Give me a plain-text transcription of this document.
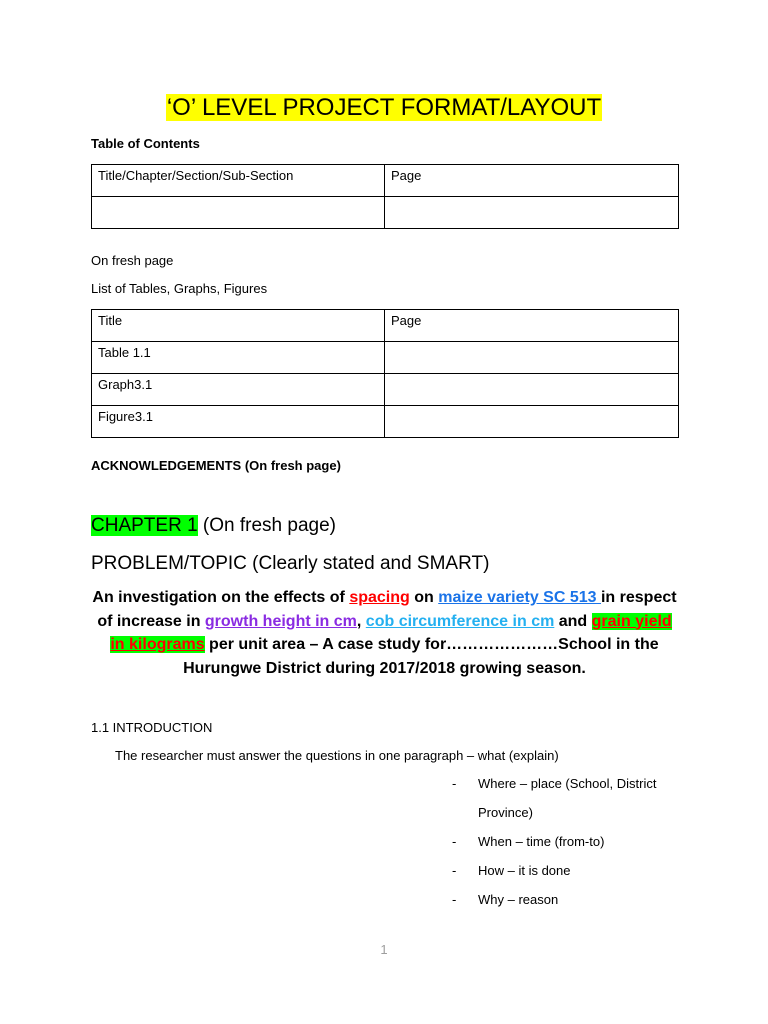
‘O’ LEVEL PROJECT FORMAT/LAYOUT
Table of Contents
Title/Chapter/Section/Sub-Section	Page

On fresh page
List of Tables, Graphs, Figures
Title	Page
Table 1.1	
Graph3.1	
Figure3.1	
ACKNOWLEDGEMENTS (On fresh page)
CHAPTER 1 (On fresh page)
PROBLEM/TOPIC (Clearly stated and SMART)
An investigation on the effects of spacing on maize variety SC 513 in respect of increase in growth height in cm, cob circumference in cm and grain yield in kilograms per unit area – A case study for…………………School in the Hurungwe District during 2017/2018 growing season.
1.1 INTRODUCTION
The researcher must answer the questions in one paragraph – what (explain)
- Where – place (School, District
Province)
- When – time (from-to)
- How – it is done
- Why – reason
1
